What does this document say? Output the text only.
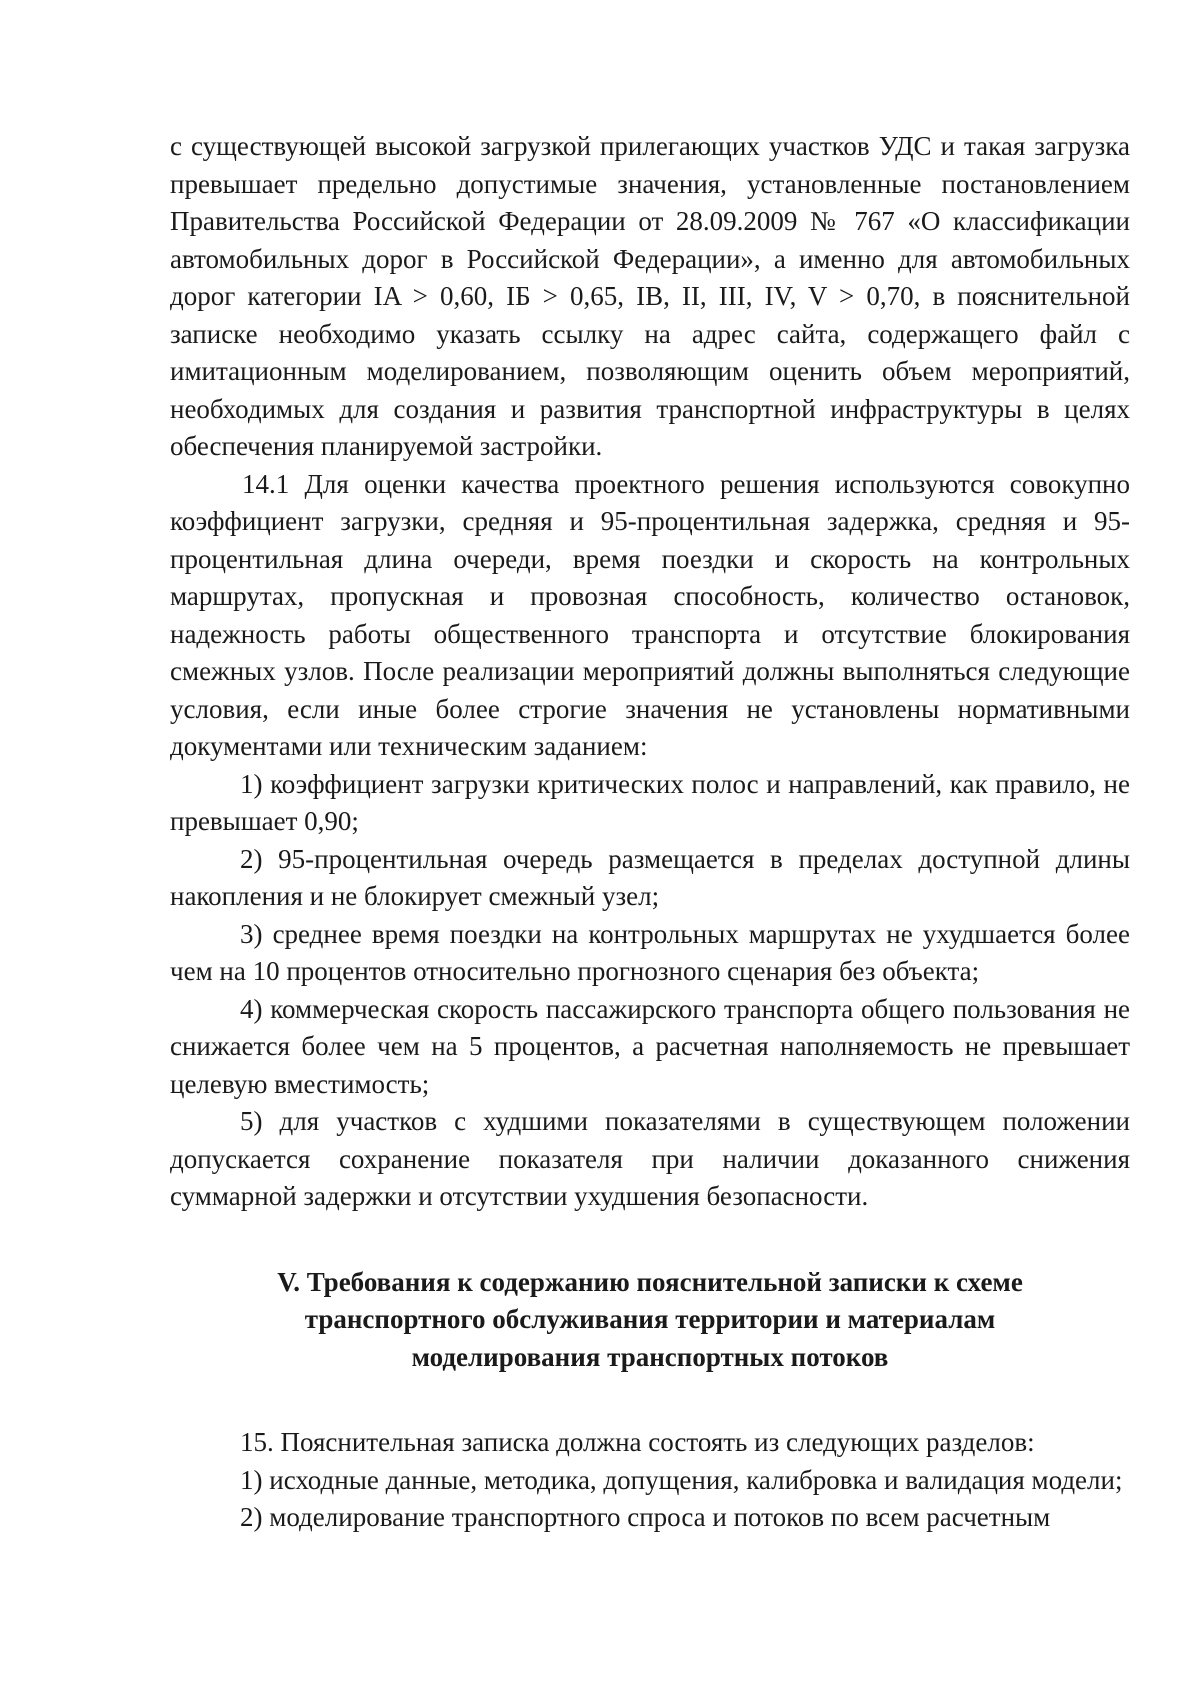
с существующей высокой загрузкой прилегающих участков УДС и такая загрузка превышает предельно допустимые значения, установленные постановлением Правительства Российской Федерации от 28.09.2009 № 767 «О классификации автомобильных дорог в Российской Федерации», а именно для автомобильных дорог категории IA > 0,60, IБ > 0,65, IB, II, III, IV, V > 0,70, в пояснительной записке необходимо указать ссылку на адрес сайта, содержащего файл с имитационным моделированием, позволяющим оценить объем мероприятий, необходимых для создания и развития транспортной инфраструктуры в целях обеспечения планируемой застройки.

14.1 Для оценки качества проектного решения используются совокупно коэффициент загрузки, средняя и 95-процентильная задержка, средняя и 95-процентильная длина очереди, время поездки и скорость на контрольных маршрутах, пропускная и провозная способность, количество остановок, надежность работы общественного транспорта и отсутствие блокирования смежных узлов. После реализации мероприятий должны выполняться следующие условия, если иные более строгие значения не установлены нормативными документами или техническим заданием:

1) коэффициент загрузки критических полос и направлений, как правило, не превышает 0,90;

2) 95-процентильная очередь размещается в пределах доступной длины накопления и не блокирует смежный узел;

3) среднее время поездки на контрольных маршрутах не ухудшается более чем на 10 процентов относительно прогнозного сценария без объекта;

4) коммерческая скорость пассажирского транспорта общего пользования не снижается более чем на 5 процентов, а расчетная наполняемость не превышает целевую вместимость;

5) для участков с худшими показателями в существующем положении допускается сохранение показателя при наличии доказанного снижения суммарной задержки и отсутствии ухудшения безопасности.

V. Требования к содержанию пояснительной записки к схеме
транспортного обслуживания территории и материалам
моделирования транспортных потоков

15. Пояснительная записка должна состоять из следующих разделов:

1) исходные данные, методика, допущения, калибровка и валидация модели;

2) моделирование транспортного спроса и потоков по всем расчетным
